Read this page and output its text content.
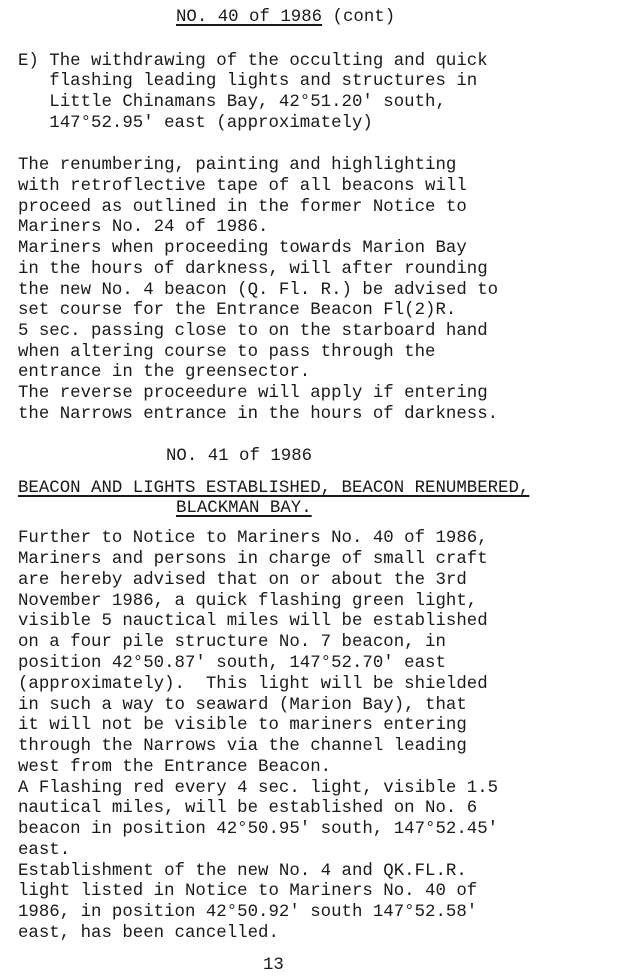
NO. 40 of 1986 (cont)
E) The withdrawing of the occulting and quick
flashing leading lights and structures in
Little Chinamans Bay, 42°51.20' south,
147°52.95' east (approximately)
The renumbering, painting and highlighting
with retroflective tape of all beacons will
proceed as outlined in the former Notice to
Mariners No. 24 of 1986.
Mariners when proceeding towards Marion Bay
in the hours of darkness, will after rounding
the new No. 4 beacon (Q. Fl. R.) be advised to
set course for the Entrance Beacon Fl(2)R.
5 sec. passing close to on the starboard hand
when altering course to pass through the
entrance in the greensector.
The reverse proceedure will apply if entering
the Narrows entrance in the hours of darkness.
NO. 41 of 1986
BEACON AND LIGHTS ESTABLISHED, BEACON RENUMBERED,
BLACKMAN BAY.
Further to Notice to Mariners No. 40 of 1986,
Mariners and persons in charge of small craft
are hereby advised that on or about the 3rd
November 1986, a quick flashing green light,
visible 5 nauctical miles will be established
on a four pile structure No. 7 beacon, in
position 42°50.87' south, 147°52.70' east
(approximately).  This light will be shielded
in such a way to seaward (Marion Bay), that
it will not be visible to mariners entering
through the Narrows via the channel leading
west from the Entrance Beacon.
A Flashing red every 4 sec. light, visible 1.5
nautical miles, will be established on No. 6
beacon in position 42°50.95' south, 147°52.45'
east.
Establishment of the new No. 4 and QK.FL.R.
light listed in Notice to Mariners No. 40 of
1986, in position 42°50.92' south 147°52.58'
east, has been cancelled.
13
